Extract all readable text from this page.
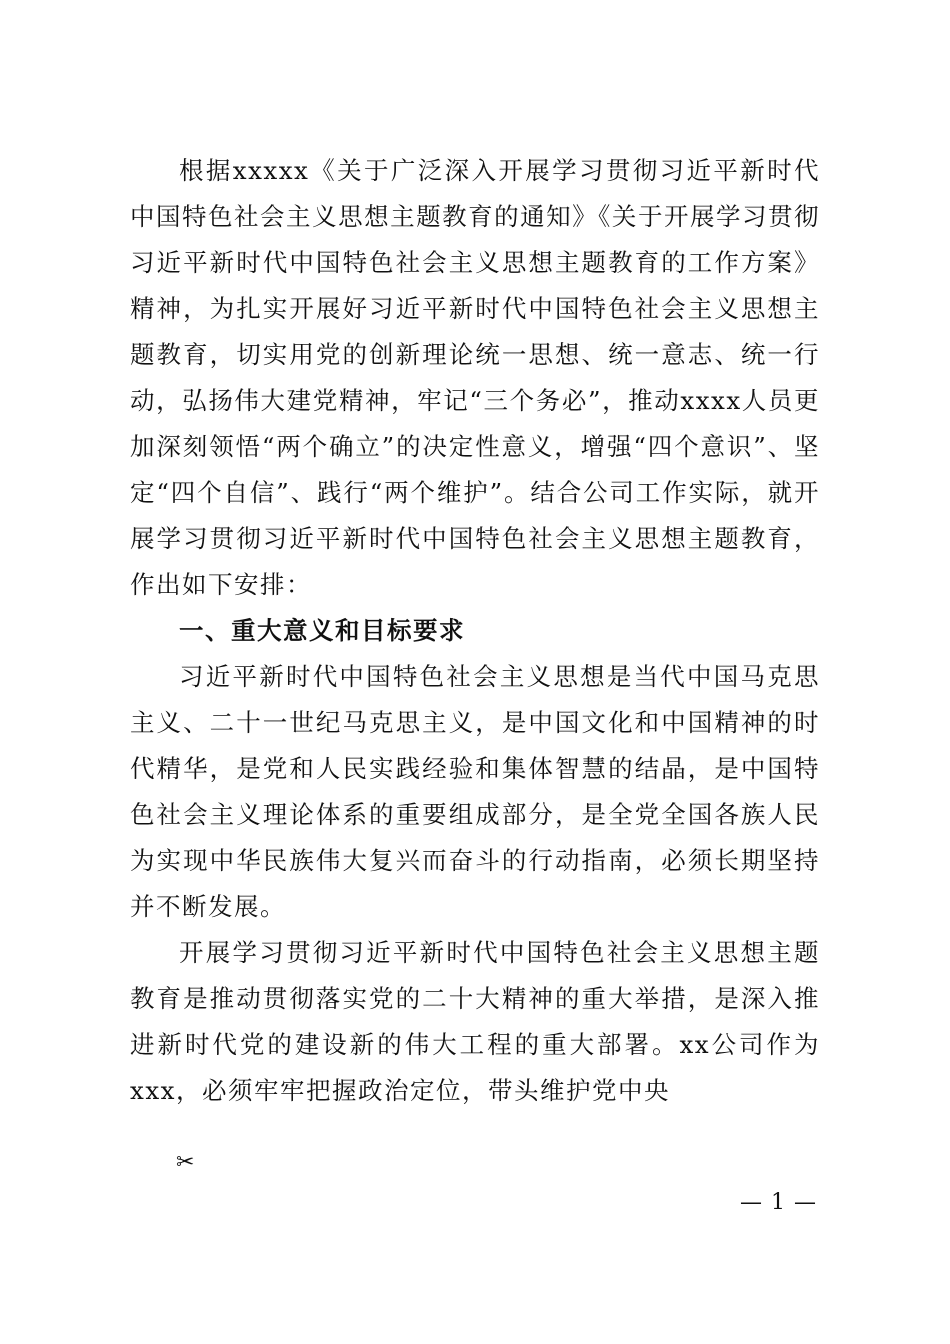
根据xxxxx《关于广泛深入开展学习贯彻习近平新时代中国特色社会主义思想主题教育的通知》《关于开展学习贯彻习近平新时代中国特色社会主义思想主题教育的工作方案》精神，为扎实开展好习近平新时代中国特色社会主义思想主题教育，切实用党的创新理论统一思想、统一意志、统一行动，弘扬伟大建党精神，牢记“三个务必”，推动xxxx人员更加深刻领悟“两个确立”的决定性意义，增强“四个意识”、坚定“四个自信”、践行“两个维护”。结合公司工作实际，就开展学习贯彻习近平新时代中国特色社会主义思想主题教育，作出如下安排：

一、重大意义和目标要求

习近平新时代中国特色社会主义思想是当代中国马克思主义、二十一世纪马克思主义，是中国文化和中国精神的时代精华，是党和人民实践经验和集体智慧的结晶，是中国特色社会主义理论体系的重要组成部分，是全党全国各族人民为实现中华民族伟大复兴而奋斗的行动指南，必须长期坚持并不断发展。

开展学习贯彻习近平新时代中国特色社会主义思想主题教育是推动贯彻落实党的二十大精神的重大举措，是深入推进新时代党的建设新的伟大工程的重大部署。xx公司作为xxx，必须牢牢把握政治定位，带头维护党中央

✂
— 1 —
